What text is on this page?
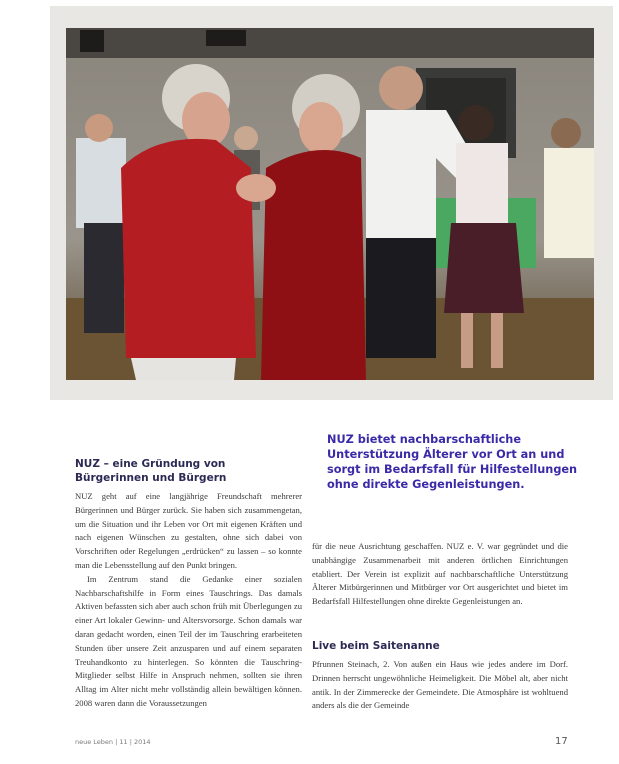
NUZ bietet nachbarschaftliche Unterstützung Älterer vor Ort an und sorgt im Bedarfsfall für Hilfestellungen ohne direkte Gegenleistungen.
NUZ – eine Gründung von Bürgerinnen und Bürgern

NUZ geht auf eine langjährige Freundschaft mehrerer Bürgerinnen und Bürger zurück. Sie haben sich zusammengetan, um die Situation und ihr Leben vor Ort mit eigenen Kräften und nach eigenen Wünschen zu gestalten, ohne sich dabei von Vorschriften oder Regelungen „erdrücken“ zu lassen – so konnte man die Lebensstellung auf den Punkt bringen.

Im Zentrum stand die Gedanke einer sozialen Nachbarschaftshilfe in Form eines Tauschrings. Das damals Aktiven befassten sich aber auch schon früh mit Überlegungen zu einer Art lokaler Gewinn- und Altersvorsorge. Schon damals war daran gedacht worden, einen Teil der im Tauschring erarbeiteten Stunden über unsere Zeit anzusparen und auf einem separaten Treuhandkonto zu hinterlegen. So könnten die Tauschring-Mitglieder selbst Hilfe in Anspruch nehmen, sollten sie ihren Alltag im Alter nicht mehr vollständig allein bewältigen können. 2008 waren dann die Voraussetzungen

für die neue Ausrichtung geschaffen. NUZ e. V. war gegründet und die unabhängige Zusammenarbeit mit anderen örtlichen Einrichtungen etabliert. Der Verein ist explizit auf nachbarschaftliche Unterstützung Älterer Mitbürgerinnen und Mitbürger vor Ort ausgerichtet und bietet im Bedarfsfall Hilfestellungen ohne direkte Gegenleistungen an.

Live beim Saitenanne

Pfrunnen Steinach, 2. Von außen ein Haus wie jedes andere im Dorf. Drinnen herrscht ungewöhnliche Heimeligkeit. Die Möbel alt, aber nicht antik. In der Zimmerecke der Gemeindete. Die Atmosphäre ist wohltuend anders als die der Gemeinde

neue Leben | 11 | 2014	17
